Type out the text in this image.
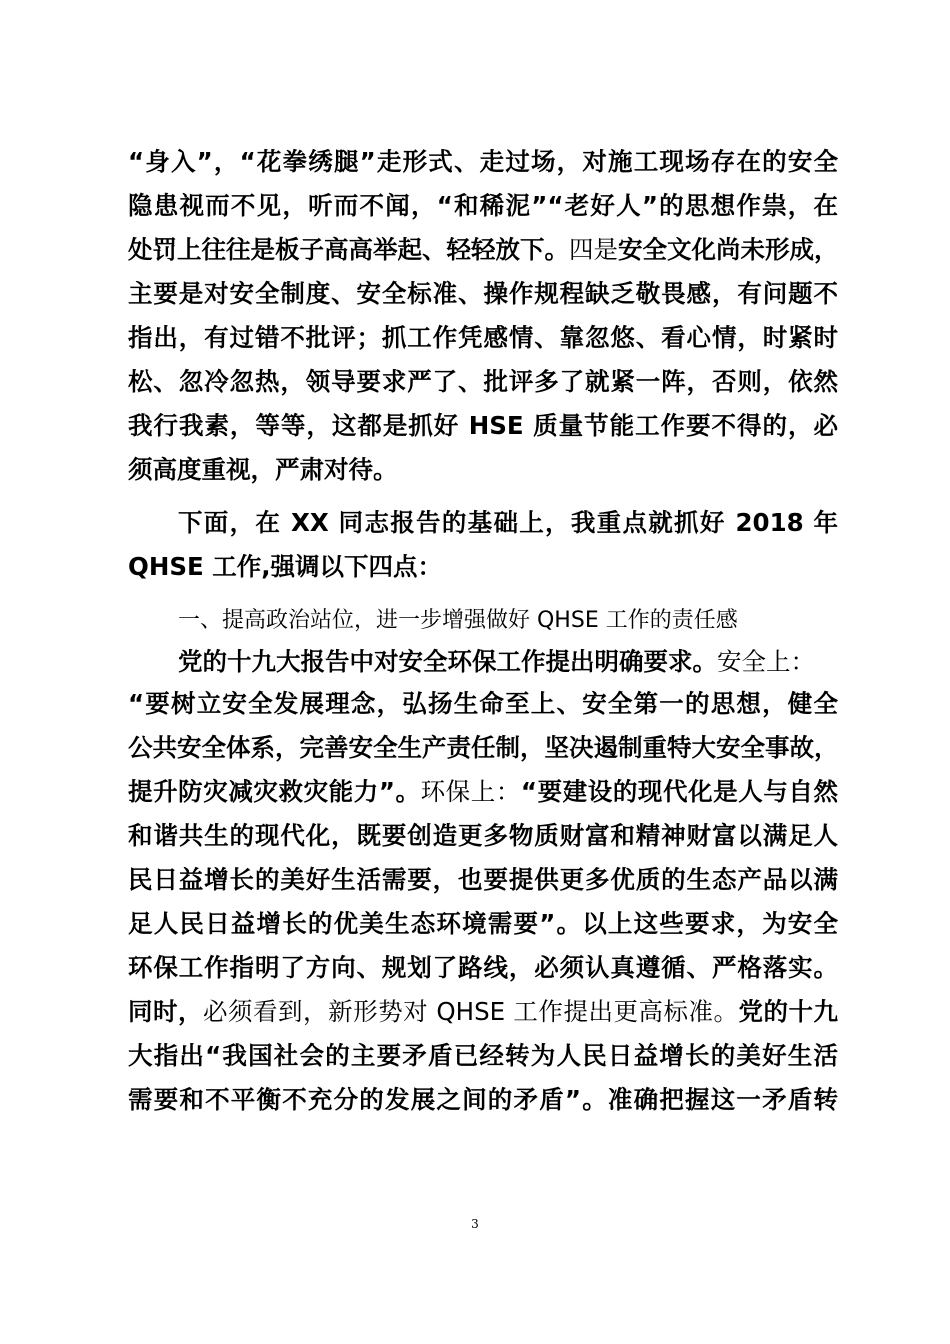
“身入”，“花拳绣腿”走形式、走过场，对施工现场存在的安全
隐患视而不见，听而不闻，“和稀泥”“老好人”的思想作祟，在
处罚上往往是板子高高举起、轻轻放下。四是安全文化尚未形成，
主要是对安全制度、安全标准、操作规程缺乏敬畏感，有问题不
指出，有过错不批评；抓工作凭感情、靠忽悠、看心情，时紧时
松、忽冷忽热，领导要求严了、批评多了就紧一阵，否则，依然
我行我素，等等，这都是抓好 HSE 质量节能工作要不得的，必
须高度重视，严肃对待。
下面，在 XX 同志报告的基础上，我重点就抓好 2018 年
QHSE 工作,强调以下四点：
一、提高政治站位，进一步增强做好 QHSE 工作的责任感
党的十九大报告中对安全环保工作提出明确要求。安全上：
“要树立安全发展理念，弘扬生命至上、安全第一的思想，健全
公共安全体系，完善安全生产责任制，坚决遏制重特大安全事故，
提升防灾减灾救灾能力”。环保上：“要建设的现代化是人与自然
和谐共生的现代化，既要创造更多物质财富和精神财富以满足人
民日益增长的美好生活需要，也要提供更多优质的生态产品以满
足人民日益增长的优美生态环境需要”。以上这些要求，为安全
环保工作指明了方向、规划了路线，必须认真遵循、严格落实。
同时，必须看到，新形势对 QHSE 工作提出更高标准。党的十九
大指出“我国社会的主要矛盾已经转为人民日益增长的美好生活
需要和不平衡不充分的发展之间的矛盾”。准确把握这一矛盾转
3
